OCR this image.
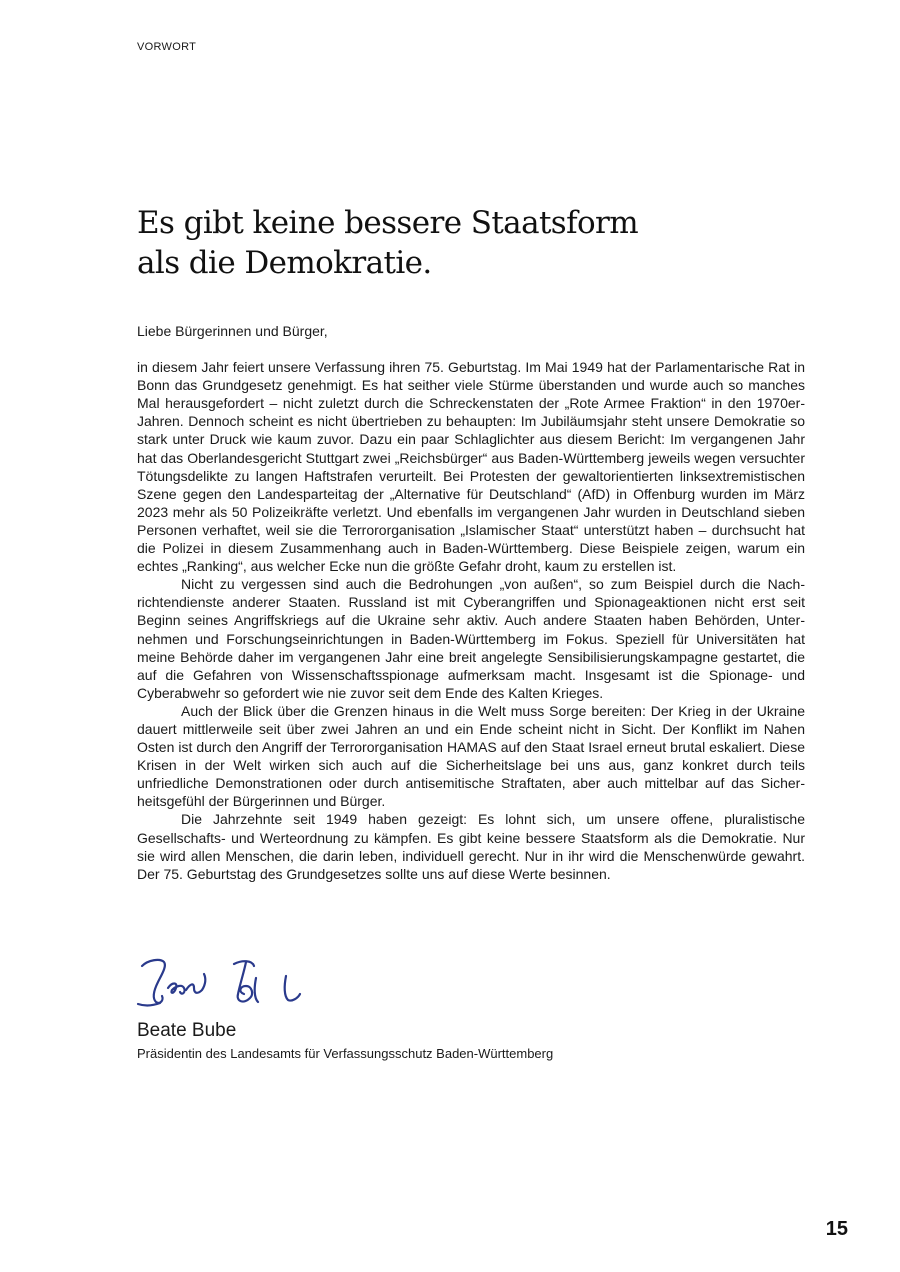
VORWORT
Es gibt keine bessere Staatsform
als die Demokratie.

Liebe Bürgerinnen und Bürger,

in diesem Jahr feiert unsere Verfassung ihren 75. Geburtstag. Im Mai 1949 hat der Parlamentarische Rat in Bonn das Grundgesetz genehmigt. Es hat seither viele Stürme überstanden und wurde auch so manches Mal herausgefordert – nicht zuletzt durch die Schreckenstaten der „Rote Armee Fraktion“ in den 1970er-Jahren. Dennoch scheint es nicht übertrieben zu behaupten: Im Jubiläumsjahr steht unsere Demokratie so stark unter Druck wie kaum zuvor. Dazu ein paar Schlaglichter aus diesem Bericht: Im vergangenen Jahr hat das Oberlandesgericht Stuttgart zwei „Reichsbürger“ aus Baden-Württemberg jeweils wegen versuchter Tötungsdelikte zu langen Haftstrafen verurteilt. Bei Protesten der gewaltorientierten linksextremistischen Szene gegen den Landesparteitag der „Alternative für Deutschland“ (AfD) in Offenburg wurden im März 2023 mehr als 50 Polizeikräfte verletzt. Und ebenfalls im vergangenen Jahr wurden in Deutschland sieben Personen verhaftet, weil sie die Terrororganisation „Islamischer Staat“ unterstützt haben – durchsucht hat die Polizei in diesem Zusammenhang auch in Baden-Württemberg. Diese Beispiele zeigen, warum ein echtes „Ranking“, aus welcher Ecke nun die größte Gefahr droht, kaum zu erstellen ist.

Nicht zu vergessen sind auch die Bedrohungen „von außen“, so zum Beispiel durch die Nachrichtendienste anderer Staaten. Russland ist mit Cyberangriffen und Spionageaktionen nicht erst seit Beginn seines Angriffskriegs auf die Ukraine sehr aktiv. Auch andere Staaten haben Behörden, Unternehmen und Forschungseinrichtungen in Baden-Württemberg im Fokus. Speziell für Universitäten hat meine Behörde daher im vergangenen Jahr eine breit angelegte Sensibilisierungskampagne gestartet, die auf die Gefahren von Wissenschaftsspionage aufmerksam macht. Insgesamt ist die Spionage- und Cyberabwehr so gefordert wie nie zuvor seit dem Ende des Kalten Krieges.

Auch der Blick über die Grenzen hinaus in die Welt muss Sorge bereiten: Der Krieg in der Ukraine dauert mittlerweile seit über zwei Jahren an und ein Ende scheint nicht in Sicht. Der Konflikt im Nahen Osten ist durch den Angriff der Terrororganisation HAMAS auf den Staat Israel erneut brutal eskaliert. Diese Krisen in der Welt wirken sich auch auf die Sicherheitslage bei uns aus, ganz konkret durch teils unfriedliche Demonstrationen oder durch antisemitische Straftaten, aber auch mittelbar auf das Sicherheitsgefühl der Bürgerinnen und Bürger.

Die Jahrzehnte seit 1949 haben gezeigt: Es lohnt sich, um unsere offene, pluralistische Gesellschafts- und Werteordnung zu kämpfen. Es gibt keine bessere Staatsform als die Demokratie. Nur sie wird allen Menschen, die darin leben, individuell gerecht. Nur in ihr wird die Menschenwürde gewahrt. Der 75. Geburtstag des Grundgesetzes sollte uns auf diese Werte besinnen.

Beate Bube
Präsidentin des Landesamts für Verfassungsschutz Baden-Württemberg
15
